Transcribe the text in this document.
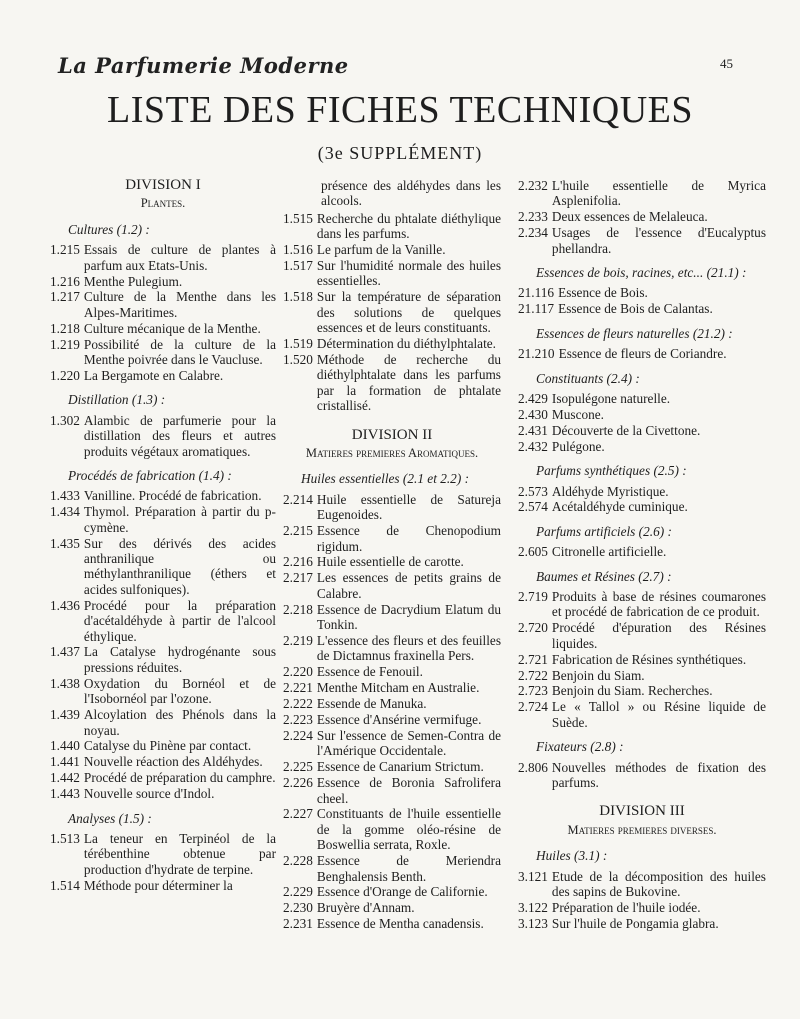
La Parfumerie Moderne	45
LISTE DES FICHES TECHNIQUES
(3e SUPPLÉMENT)
DIVISION I
Plantes.
Cultures (1.2) :
1.215 Essais de culture de plantes à parfum aux Etats-Unis.
1.216 Menthe Pulegium.
1.217 Culture de la Menthe dans les Alpes-Maritimes.
1.218 Culture mécanique de la Menthe.
1.219 Possibilité de la culture de la Menthe poivrée dans le Vaucluse.
1.220 La Bergamote en Calabre.
Distillation (1.3) :
1.302 Alambic de parfumerie pour la distillation des fleurs et autres produits végétaux aromatiques.
Procédés de fabrication (1.4) :
1.433 Vanilline. Procédé de fabrication.
1.434 Thymol. Préparation à partir du p-cymène.
1.435 Sur des dérivés des acides anthranilique ou méthylanthranilique (éthers et acides sulfoniques).
1.436 Procédé pour la préparation d'acétaldéhyde à partir de l'alcool éthylique.
1.437 La Catalyse hydrogénante sous pressions réduites.
1.438 Oxydation du Bornéol et de l'Isobornéol par l'ozone.
1.439 Alcoylation des Phénols dans la noyau.
1.440 Catalyse du Pinène par contact.
1.441 Nouvelle réaction des Aldéhydes.
1.442 Procédé de préparation du camphre.
1.443 Nouvelle source d'Indol.
Analyses (1.5) :
1.513 La teneur en Terpinéol de la térébenthine obtenue par production d'hydrate de terpine.
1.514 Méthode pour déterminer la
présence des aldéhydes dans les alcools.
1.515 Recherche du phtalate diéthylique dans les parfums.
1.516 Le parfum de la Vanille.
1.517 Sur l'humidité normale des huiles essentielles.
1.518 Sur la température de séparation des solutions de quelques essences et de leurs constituants.
1.519 Détermination du diéthylphtalate.
1.520 Méthode de recherche du diéthylphtalate dans les parfums par la formation de phtalate cristallisé.
DIVISION II
Matieres premieres Aromatiques.
Huiles essentielles (2.1 et 2.2) :
2.214 Huile essentielle de Satureja Eugenoides.
2.215 Essence de Chenopodium rigidum.
2.216 Huile essentielle de carotte.
2.217 Les essences de petits grains de Calabre.
2.218 Essence de Dacrydium Elatum du Tonkin.
2.219 L'essence des fleurs et des feuilles de Dictamnus fraxinella Pers.
2.220 Essence de Fenouil.
2.221 Menthe Mitcham en Australie.
2.222 Essende de Manuka.
2.223 Essence d'Ansérine vermifuge.
2.224 Sur l'essence de Semen-Contra de l'Amérique Occidentale.
2.225 Essence de Canarium Strictum.
2.226 Essence de Boronia Safrolifera cheel.
2.227 Constituants de l'huile essentielle de la gomme oléo-résine de Boswellia serrata, Roxle.
2.228 Essence de Meriendra Benghalensis Benth.
2.229 Essence d'Orange de Californie.
2.230 Bruyère d'Annam.
2.231 Essence de Mentha canadensis.
2.232 L'huile essentielle de Myrica Asplenifolia.
2.233 Deux essences de Melaleuca.
2.234 Usages de l'essence d'Eucalyptus phellandra.
Essences de bois, racines, etc... (21.1) :
21.116 Essence de Bois.
21.117 Essence de Bois de Calantas.
Essences de fleurs naturelles (21.2) :
21.210 Essence de fleurs de Coriandre.
Constituants (2.4) :
2.429 Isopulégone naturelle.
2.430 Muscone.
2.431 Découverte de la Civettone.
2.432 Pulégone.
Parfums synthétiques (2.5) :
2.573 Aldéhyde Myristique.
2.574 Acétaldéhyde cuminique.
Parfums artificiels (2.6) :
2.605 Citronelle artificielle.
Baumes et Résines (2.7) :
2.719 Produits à base de résines coumarones et procédé de fabrication de ce produit.
2.720 Procédé d'épuration des Résines liquides.
2.721 Fabrication de Résines synthétiques.
2.722 Benjoin du Siam.
2.723 Benjoin du Siam. Recherches.
2.724 Le « Tallol » ou Résine liquide de Suède.
Fixateurs (2.8) :
2.806 Nouvelles méthodes de fixation des parfums.
DIVISION III
Matieres premieres diverses.
Huiles (3.1) :
3.121 Etude de la décomposition des huiles des sapins de Bukovine.
3.122 Préparation de l'huile iodée.
3.123 Sur l'huile de Pongamia glabra.
